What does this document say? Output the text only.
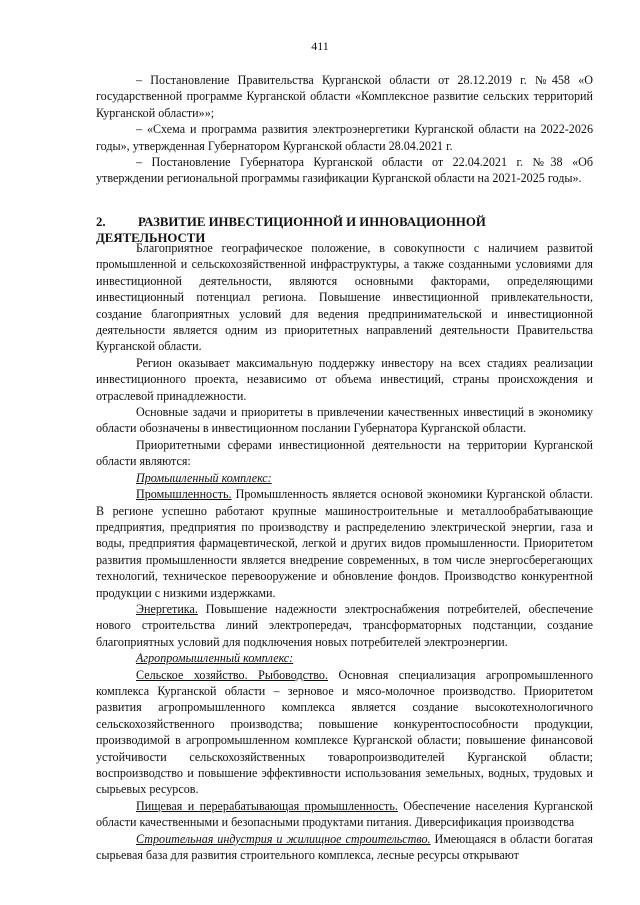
411

– Постановление Правительства Курганской области от 28.12.2019 г. №458 «О государственной программе Курганской области «Комплексное развитие сельских территорий Курганской области»»;

– «Схема и программа развития электроэнергетики Курганской области на 2022-2026 годы», утвержденная Губернатором Курганской области 28.04.2021 г.

– Постановление Губернатора Курганской области от 22.04.2021 г. №38 «Об утверждении региональной программы газификации Курганской области на 2021-2025 годы».

2.	РАЗВИТИЕ ИНВЕСТИЦИОННОЙ И ИННОВАЦИОННОЙ ДЕЯТЕЛЬНОСТИ

Благоприятное географическое положение, в совокупности с наличием развитой промышленной и сельскохозяйственной инфраструктуры, а также созданными условиями для инвестиционной деятельности, являются основными факторами, определяющими инвестиционный потенциал региона. Повышение инвестиционной привлекательности, создание благоприятных условий для ведения предпринимательской и инвестиционной деятельности является одним из приоритетных направлений деятельности Правительства Курганской области.

Регион оказывает максимальную поддержку инвестору на всех стадиях реализации инвестиционного проекта, независимо от объема инвестиций, страны происхождения и отраслевой принадлежности.

Основные задачи и приоритеты в привлечении качественных инвестиций в экономику области обозначены в инвестиционном послании Губернатора Курганской области.

Приоритетными сферами инвестиционной деятельности на территории Курганской области являются:

Промышленный комплекс:

Промышленность. Промышленность является основой экономики Курганской области. В регионе успешно работают крупные машиностроительные и металлообрабатывающие предприятия, предприятия по производству и распределению электрической энергии, газа и воды, предприятия фармацевтической, легкой и других видов промышленности. Приоритетом развития промышленности является внедрение современных, в том числе энергосберегающих технологий, техническое перевооружение и обновление фондов. Производство конкурентной продукции с низкими издержками.

Энергетика. Повышение надежности электроснабжения потребителей, обеспечение нового строительства линий электропередач, трансформаторных подстанции, создание благоприятных условий для подключения новых потребителей электроэнергии.

Агропромышленный комплекс:

Сельское хозяйство. Рыбоводство. Основная специализация агропромышленного комплекса Курганской области – зерновое и мясо-молочное производство. Приоритетом развития агропромышленного комплекса является создание высокотехнологичного сельскохозяйственного производства; повышение конкурентоспособности продукции, производимой в агропромышленном комплексе Курганской области; повышение финансовой устойчивости сельскохозяйственных товаропроизводителей Курганской области; воспроизводство и повышение эффективности использования земельных, водных, трудовых и сырьевых ресурсов.

Пищевая и перерабатывающая промышленность. Обеспечение населения Курганской области качественными и безопасными продуктами питания. Диверсификация производства

Строительная индустрия и жилищное строительство. Имеющаяся в области богатая сырьевая база для развития строительного комплекса, лесные ресурсы открывают
